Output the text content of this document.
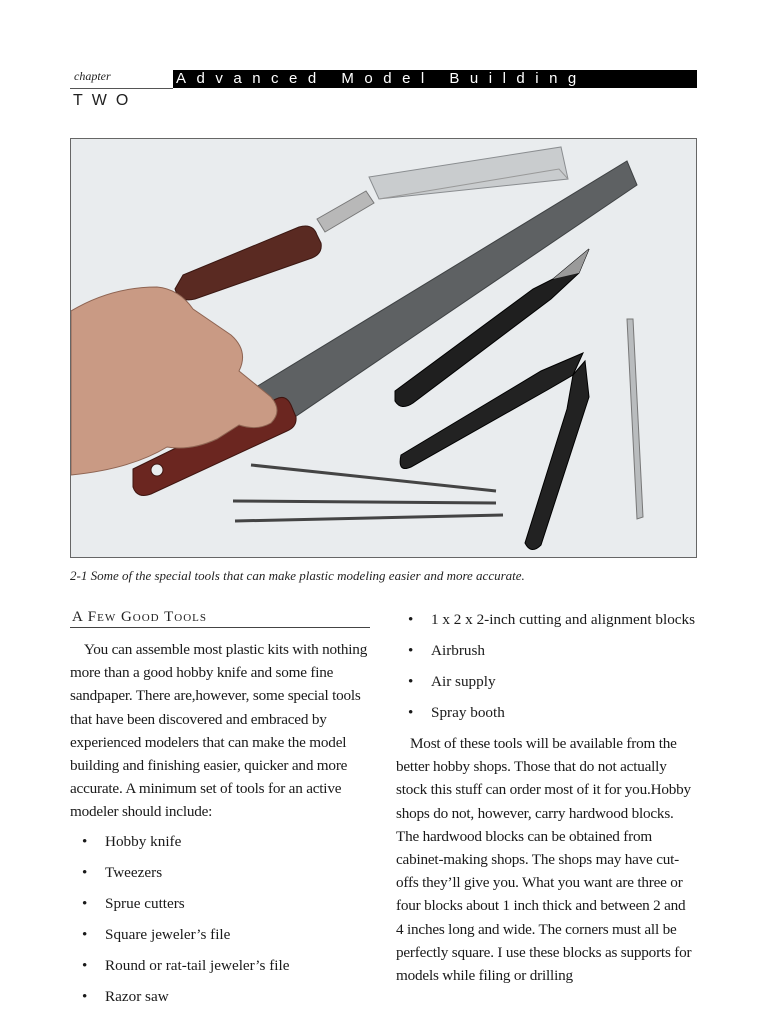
chapter	Advanced Model Building
TWO
2-1 Some of the special tools that can make plastic modeling easier and more accurate.
A Few Good Tools

You can assemble most plastic kits with nothing more than a good hobby knife and some fine sandpaper. There are,however, some special tools that have been discovered and embraced by experienced modelers that can make the model building and finishing easier, quicker and more accurate. A minimum set of tools for an active modeler should include:

• Hobby knife
• Tweezers
• Sprue cutters
• Square jeweler’s file
• Round or rat-tail jeweler’s file
• Razor saw
• 1 x 2 x 2-inch cutting and alignment blocks
• Airbrush
• Air supply
• Spray booth

Most of these tools will be available from the better hobby shops. Those that do not actually stock this stuff can order most of it for you.Hobby shops do not, however, carry hardwood blocks. The hardwood blocks can be obtained from cabinet-making shops. The shops may have cut-offs they’ll give you. What you want are three or four blocks about 1 inch thick and between 2 and 4 inches long and wide. The corners must all be perfectly square. I use these blocks as supports for models while filing or drilling
